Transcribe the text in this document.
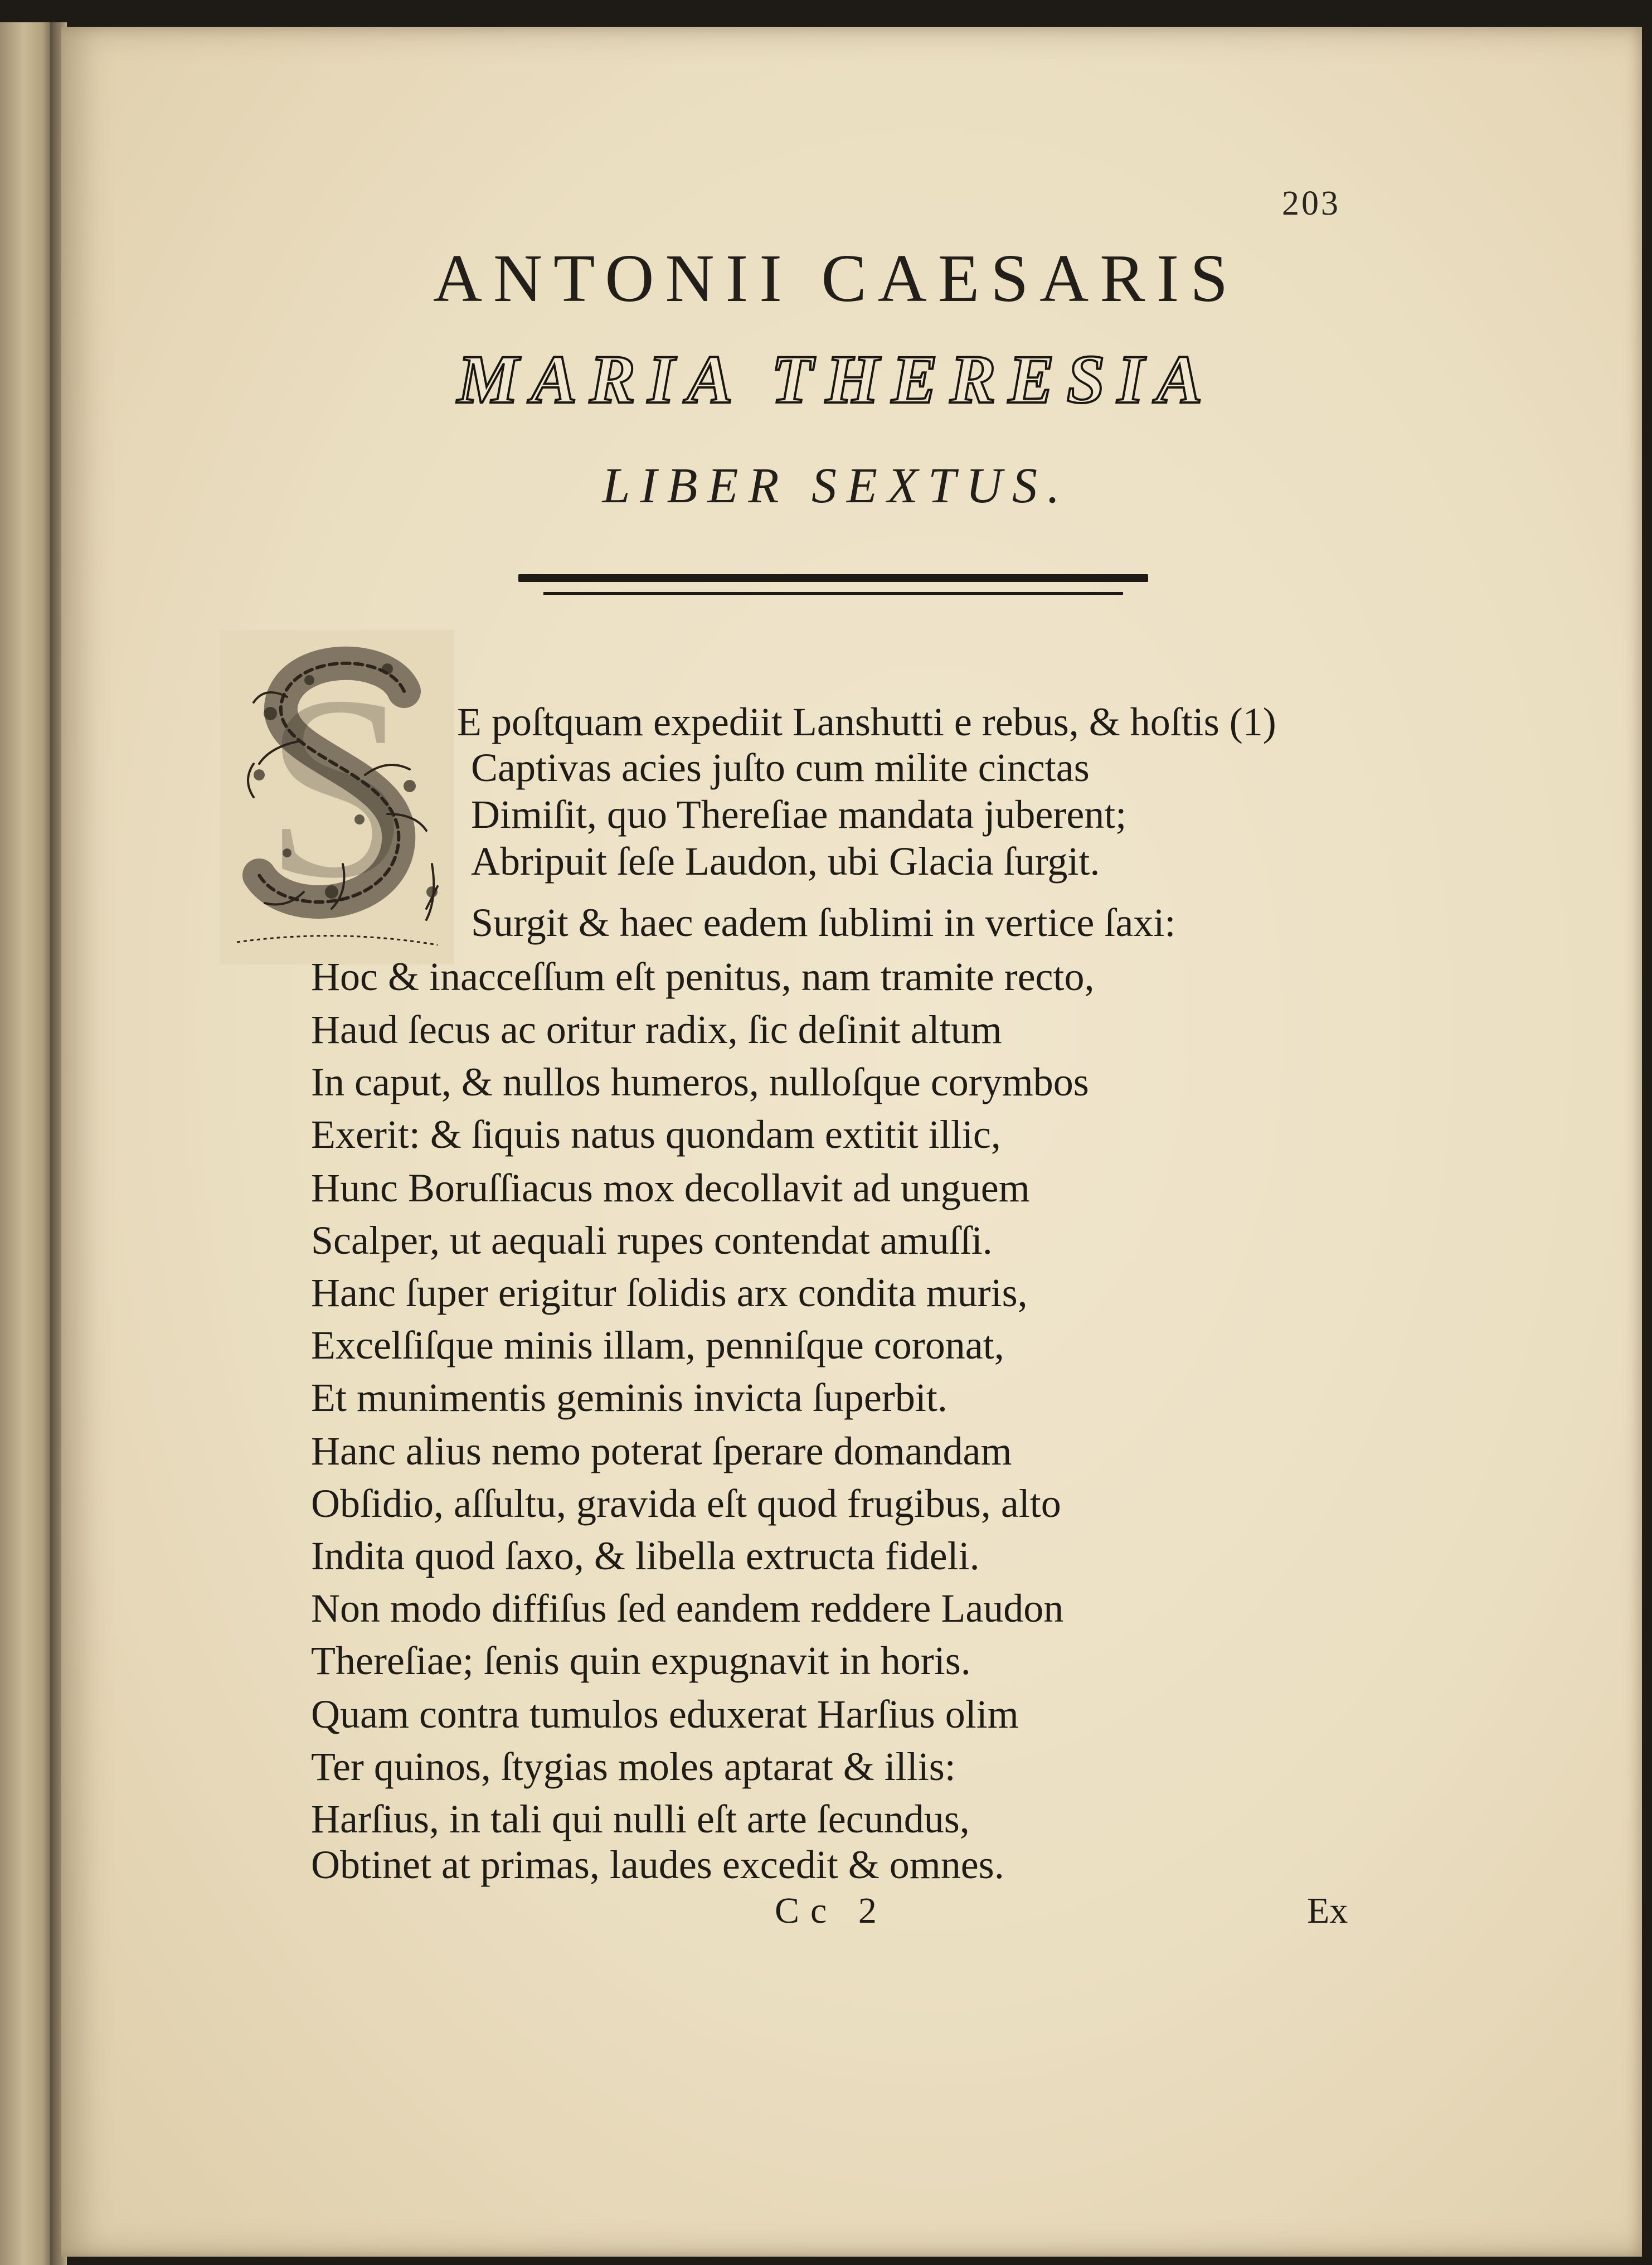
203
ANTONII CAESARIS
MARIA THERESIA
LIBER SEXTUS.
S E poſtquam expediit Lanshutti e rebus, & hoſtis (1)
Captivas acies juſto cum milite cinctas
Dimiſit, quo Thereſiae mandata juberent;
Abripuit ſeſe Laudon, ubi Glacia ſurgit.
Surgit & haec eadem ſublimi in vertice ſaxi:
Hoc & inacceſſum eſt penitus, nam tramite recto,
Haud ſecus ac oritur radix, ſic deſinit altum
In caput, & nullos humeros, nulloſque corymbos
Exerit: & ſiquis natus quondam extitit illic,
Hunc Boruſſiacus mox decollavit ad unguem
Scalper, ut aequali rupes contendat amuſſi.
Hanc ſuper erigitur ſolidis arx condita muris,
Excelſiſque minis illam, penniſque coronat,
Et munimentis geminis invicta ſuperbit.
Hanc alius nemo poterat ſperare domandam
Obſidio, aſſultu, gravida eſt quod frugibus, alto
Indita quod ſaxo, & libella extructa fideli.
Non modo diffiſus ſed eandem reddere Laudon
Thereſiae; ſenis quin expugnavit in horis.
Quam contra tumulos eduxerat Harſius olim
Ter quinos, ſtygias moles aptarat & illis:
Harſius, in tali qui nulli eſt arte ſecundus,
Obtinet at primas, laudes excedit & omnes.
Cc 2	Ex
